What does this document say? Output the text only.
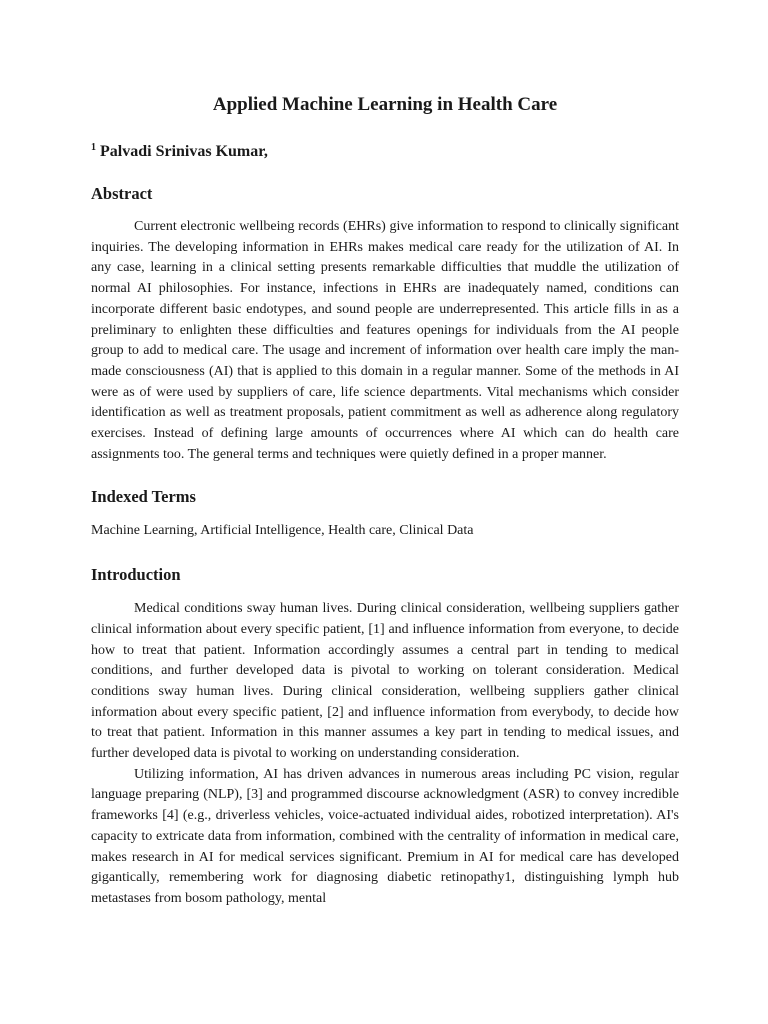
Applied Machine Learning in Health Care
$^1$ Palvadi Srinivas Kumar,
Abstract

Current electronic wellbeing records (EHRs) give information to respond to clinically significant inquiries. The developing information in EHRs makes medical care ready for the utilization of AI. In any case, learning in a clinical setting presents remarkable difficulties that muddle the utilization of normal AI philosophies. For instance, infections in EHRs are inadequately named, conditions can incorporate different basic endotypes, and sound people are underrepresented. This article fills in as a preliminary to enlighten these difficulties and features openings for individuals from the AI people group to add to medical care. The usage and increment of information over health care imply the man-made consciousness (AI) that is applied to this domain in a regular manner. Some of the methods in AI were as of were used by suppliers of care, life science departments. Vital mechanisms which consider identification as well as treatment proposals, patient commitment as well as adherence along regulatory exercises. Instead of defining large amounts of occurrences where AI which can do health care assignments too. The general terms and techniques were quietly defined in a proper manner.

Indexed Terms

Machine Learning, Artificial Intelligence, Health care, Clinical Data

Introduction

Medical conditions sway human lives. During clinical consideration, wellbeing suppliers gather clinical information about every specific patient, [1] and influence information from everyone, to decide how to treat that patient. Information accordingly assumes a central part in tending to medical conditions, and further developed data is pivotal to working on tolerant consideration. Medical conditions sway human lives. During clinical consideration, wellbeing suppliers gather clinical information about every specific patient, [2] and influence information from everybody, to decide how to treat that patient. Information in this manner assumes a key part in tending to medical issues, and further developed data is pivotal to working on understanding consideration.

Utilizing information, AI has driven advances in numerous areas including PC vision, regular language preparing (NLP), [3] and programmed discourse acknowledgment (ASR) to convey incredible frameworks [4] (e.g., driverless vehicles, voice-actuated individual aides, robotized interpretation). AI's capacity to extricate data from information, combined with the centrality of information in medical care, makes research in AI for medical services significant. Premium in AI for medical care has developed gigantically, remembering work for diagnosing diabetic retinopathy1, distinguishing lymph hub metastases from bosom pathology, mental
